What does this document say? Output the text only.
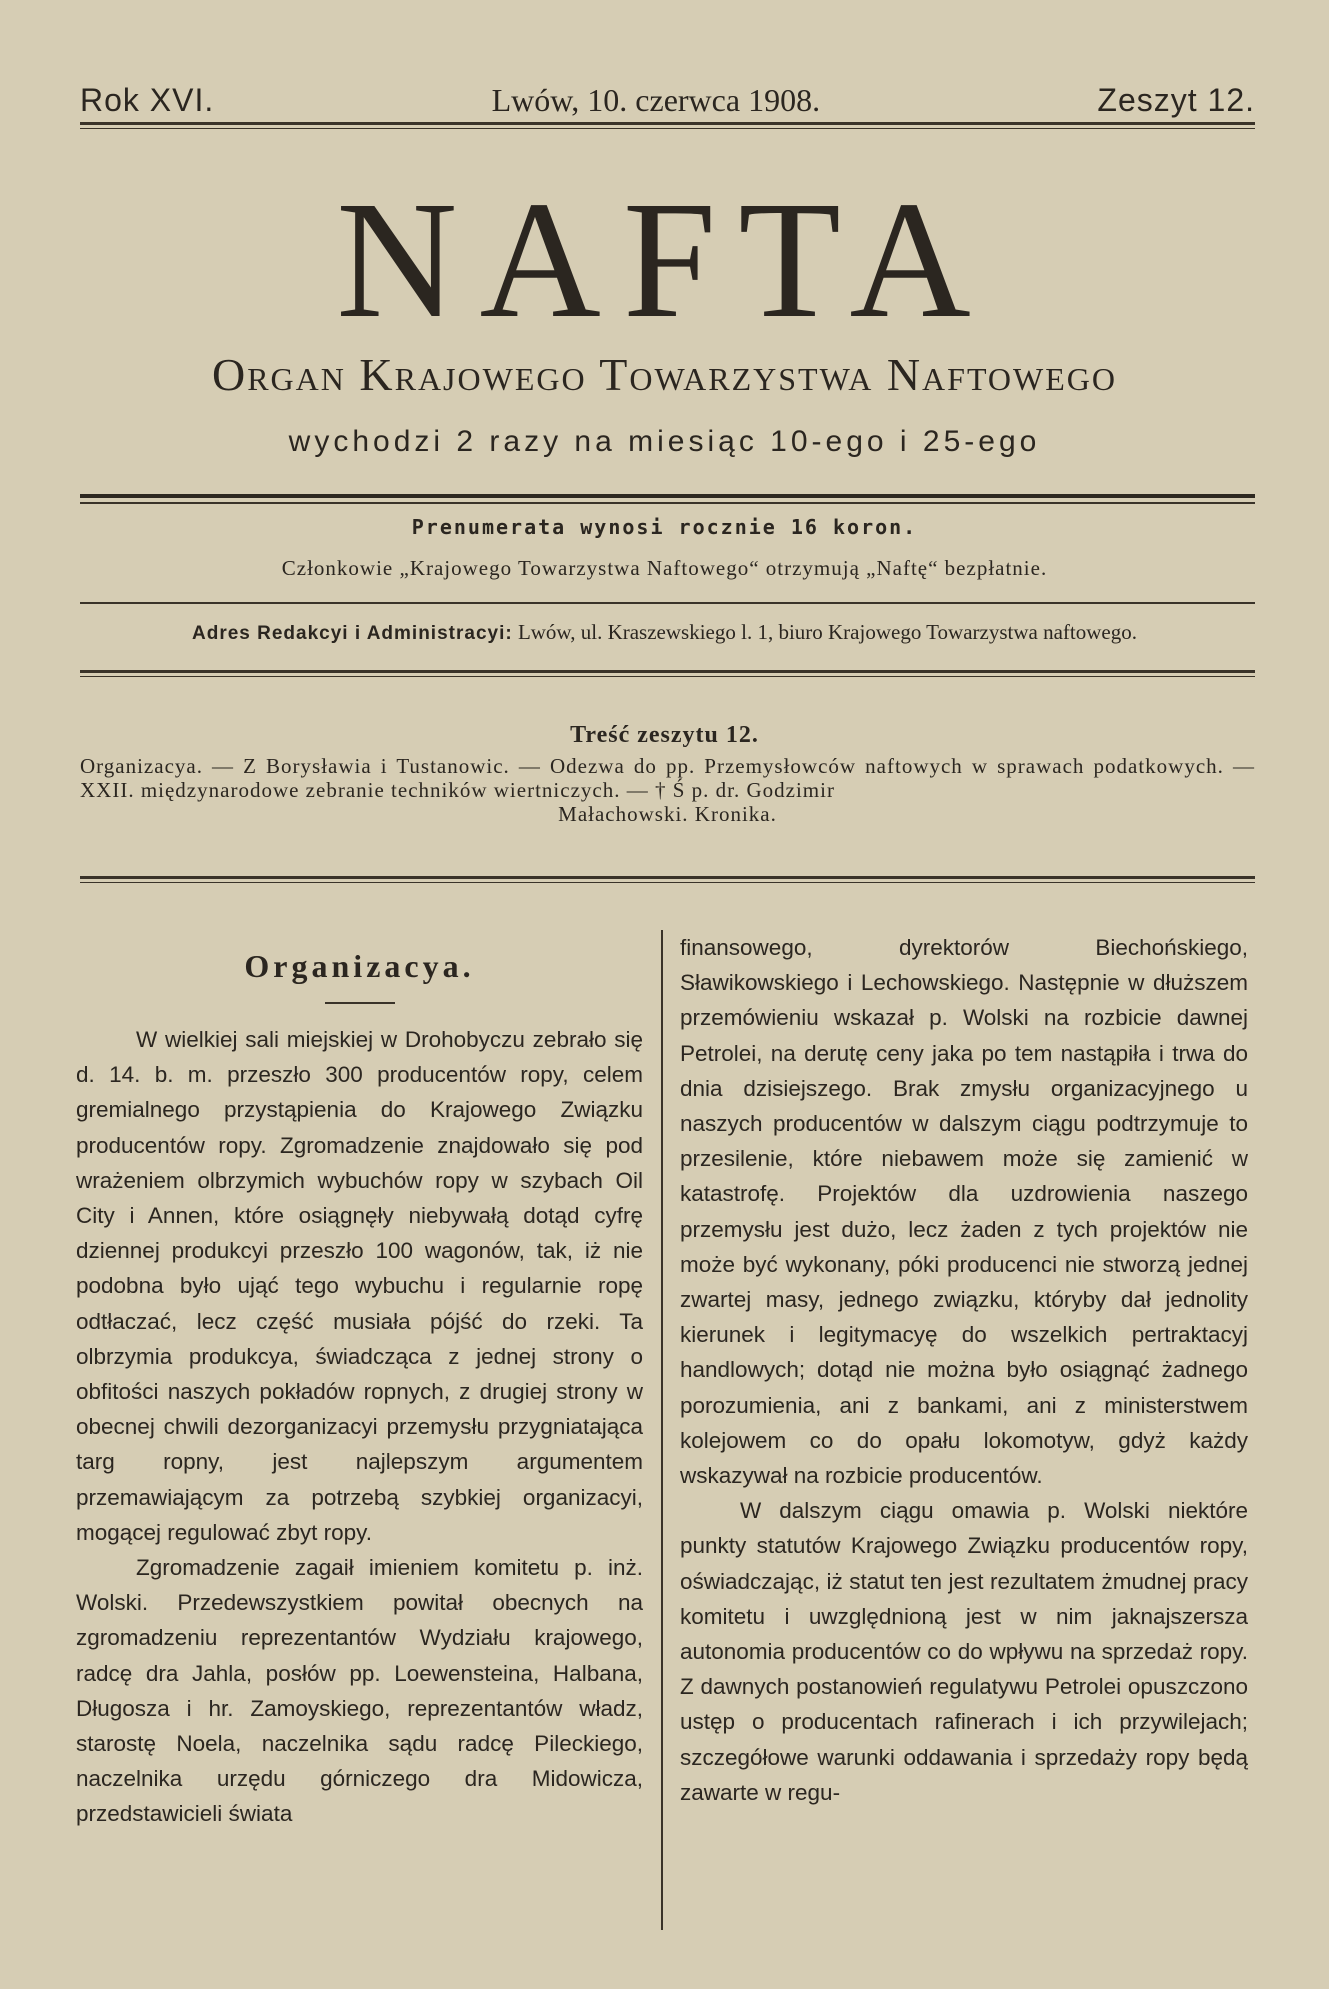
Rok XVI.	Lwów, 10. czerwca 1908.	Zeszyt 12.
NAFTA
Organ Krajowego Towarzystwa Naftowego
wychodzi 2 razy na miesiąc 10-ego i 25-ego
Prenumerata wynosi rocznie 16 koron.
Członkowie „Krajowego Towarzystwa Naftowego“ otrzymują „Naftę“ bezpłatnie.
Adres Redakcyi i Administracyi: Lwów, ul. Kraszewskiego l. 1, biuro Krajowego Towarzystwa naftowego.
Treść zeszytu 12.
Organizacya. — Z Borysławia i Tustanowic. — Odezwa do pp. Przemysłowców naftowych w sprawach podatkowych. — XXII. międzynarodowe zebranie techników wiertniczych. — † Ś p. dr. Godzimir
Małachowski. Kronika.
Organizacya.

W wielkiej sali miejskiej w Drohobyczu zebrało się d. 14. b. m. przeszło 300 producentów ropy, celem gremialnego przystąpienia do Krajowego Związku producentów ropy. Zgromadzenie znajdowało się pod wrażeniem olbrzymich wybuchów ropy w szybach Oil City i Annen, które osiągnęły niebywałą dotąd cyfrę dziennej produkcyi przeszło 100 wagonów, tak, iż nie podobna było ująć tego wybuchu i regularnie ropę odtłaczać, lecz część musiała pójść do rzeki. Ta olbrzymia produkcya, świadcząca z jednej strony o obfitości naszych pokładów ropnych, z drugiej strony w obecnej chwili dezorganizacyi przemysłu przygniatająca targ ropny, jest najlepszym argumentem przemawiającym za potrzebą szybkiej organizacyi, mogącej regulować zbyt ropy.

Zgromadzenie zagaił imieniem komitetu p. inż. Wolski. Przedewszystkiem powitał obecnych na zgromadzeniu reprezentantów Wydziału krajowego, radcę dra Jahla, posłów pp. Loewensteina, Halbana, Długosza i hr. Zamoyskiego, reprezentantów władz, starostę Noela, naczelnika sądu radcę Pileckiego, naczelnika urzędu górniczego dra Midowicza, przedstawicieli świata

finansowego, dyrektorów Biechońskiego, Sławikowskiego i Lechowskiego. Następnie w dłuższem przemówieniu wskazał p. Wolski na rozbicie dawnej Petrolei, na derutę ceny jaka po tem nastąpiła i trwa do dnia dzisiejszego. Brak zmysłu organizacyjnego u naszych producentów w dalszym ciągu podtrzymuje to przesilenie, które niebawem może się zamienić w katastrofę. Projektów dla uzdrowienia naszego przemysłu jest dużo, lecz żaden z tych projektów nie może być wykonany, póki producenci nie stworzą jednej zwartej masy, jednego związku, któryby dał jednolity kierunek i legitymacyę do wszelkich pertraktacyj handlowych; dotąd nie można było osiągnąć żadnego porozumienia, ani z bankami, ani z ministerstwem kolejowem co do opału lokomotyw, gdyż każdy wskazywał na rozbicie producentów.

W dalszym ciągu omawia p. Wolski niektóre punkty statutów Krajowego Związku producentów ropy, oświadczając, iż statut ten jest rezultatem żmudnej pracy komitetu i uwzględnioną jest w nim jaknajszersza autonomia producentów co do wpływu na sprzedaż ropy. Z dawnych postanowień regulatywu Petrolei opuszczono ustęp o producentach rafinerach i ich przywilejach; szczegółowe warunki oddawania i sprzedaży ropy będą zawarte w regu-
